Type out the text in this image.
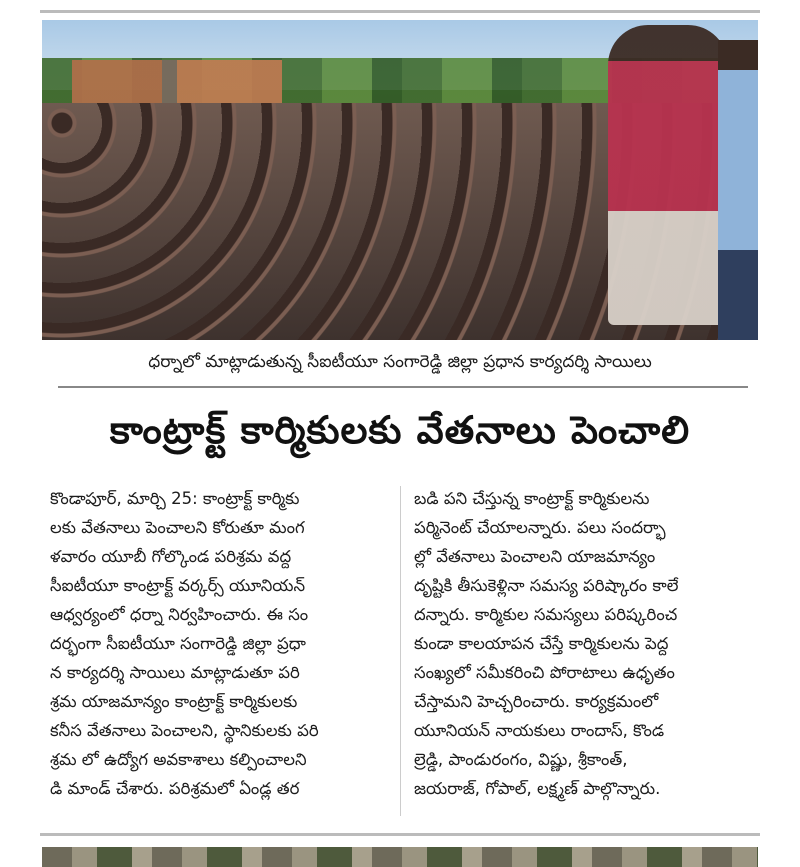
ధర్నాలో మాట్లాడుతున్న సీఐటీయూ సంగారెడ్డి జిల్లా ప్రధాన కార్యదర్శి సాయిలు
కాంట్రాక్ట్ కార్మికులకు వేతనాలు పెంచాలి

కొండాపూర్, మార్చి 25: కాంట్రాక్ట్ కార్మికు

లకు వేతనాలు పెంచాలని కోరుతూ మంగ

ళవారం యూబీ గోల్కొండ పరిశ్రమ వద్ద

సీఐటీయూ కాంట్రాక్ట్ వర్కర్స్ యూనియన్

ఆధ్వర్యంలో ధర్నా నిర్వహించారు. ఈ సం

దర్భంగా సీఐటీయూ సంగారెడ్డి జిల్లా ప్రధా

న కార్యదర్శి సాయిలు మాట్లాడుతూ పరి

శ్రమ యాజమాన్యం కాంట్రాక్ట్ కార్మికులకు

కనీస వేతనాలు పెంచాలని, స్థానికులకు పరి

శ్రమ లో ఉద్యోగ అవకాశాలు కల్పించాలని

డి మాండ్ చేశారు. పరిశ్రమలో ఏండ్ల తర

బడి పని చేస్తున్న కాంట్రాక్ట్ కార్మికులను

పర్మినెంట్ చేయాలన్నారు. పలు సందర్భా

ల్లో వేతనాలు పెంచాలని యాజమాన్యం

దృష్టికి తీసుకెళ్లినా సమస్య పరిష్కారం కాలే

దన్నారు. కార్మికుల సమస్యలు పరిష్కరించ

కుండా కాలయాపన చేస్తే కార్మికులను పెద్ద

సంఖ్యలో సమీకరించి పోరాటాలు ఉధృతం

చేస్తామని హెచ్చరించారు. కార్యక్రమంలో

యూనియన్ నాయకులు రాందాస్, కొండ

ల్రెడ్డి, పాండురంగం, విష్ణు, శ్రీకాంత్,

జయరాజ్, గోపాల్, లక్ష్మణ్ పాల్గొన్నారు.
